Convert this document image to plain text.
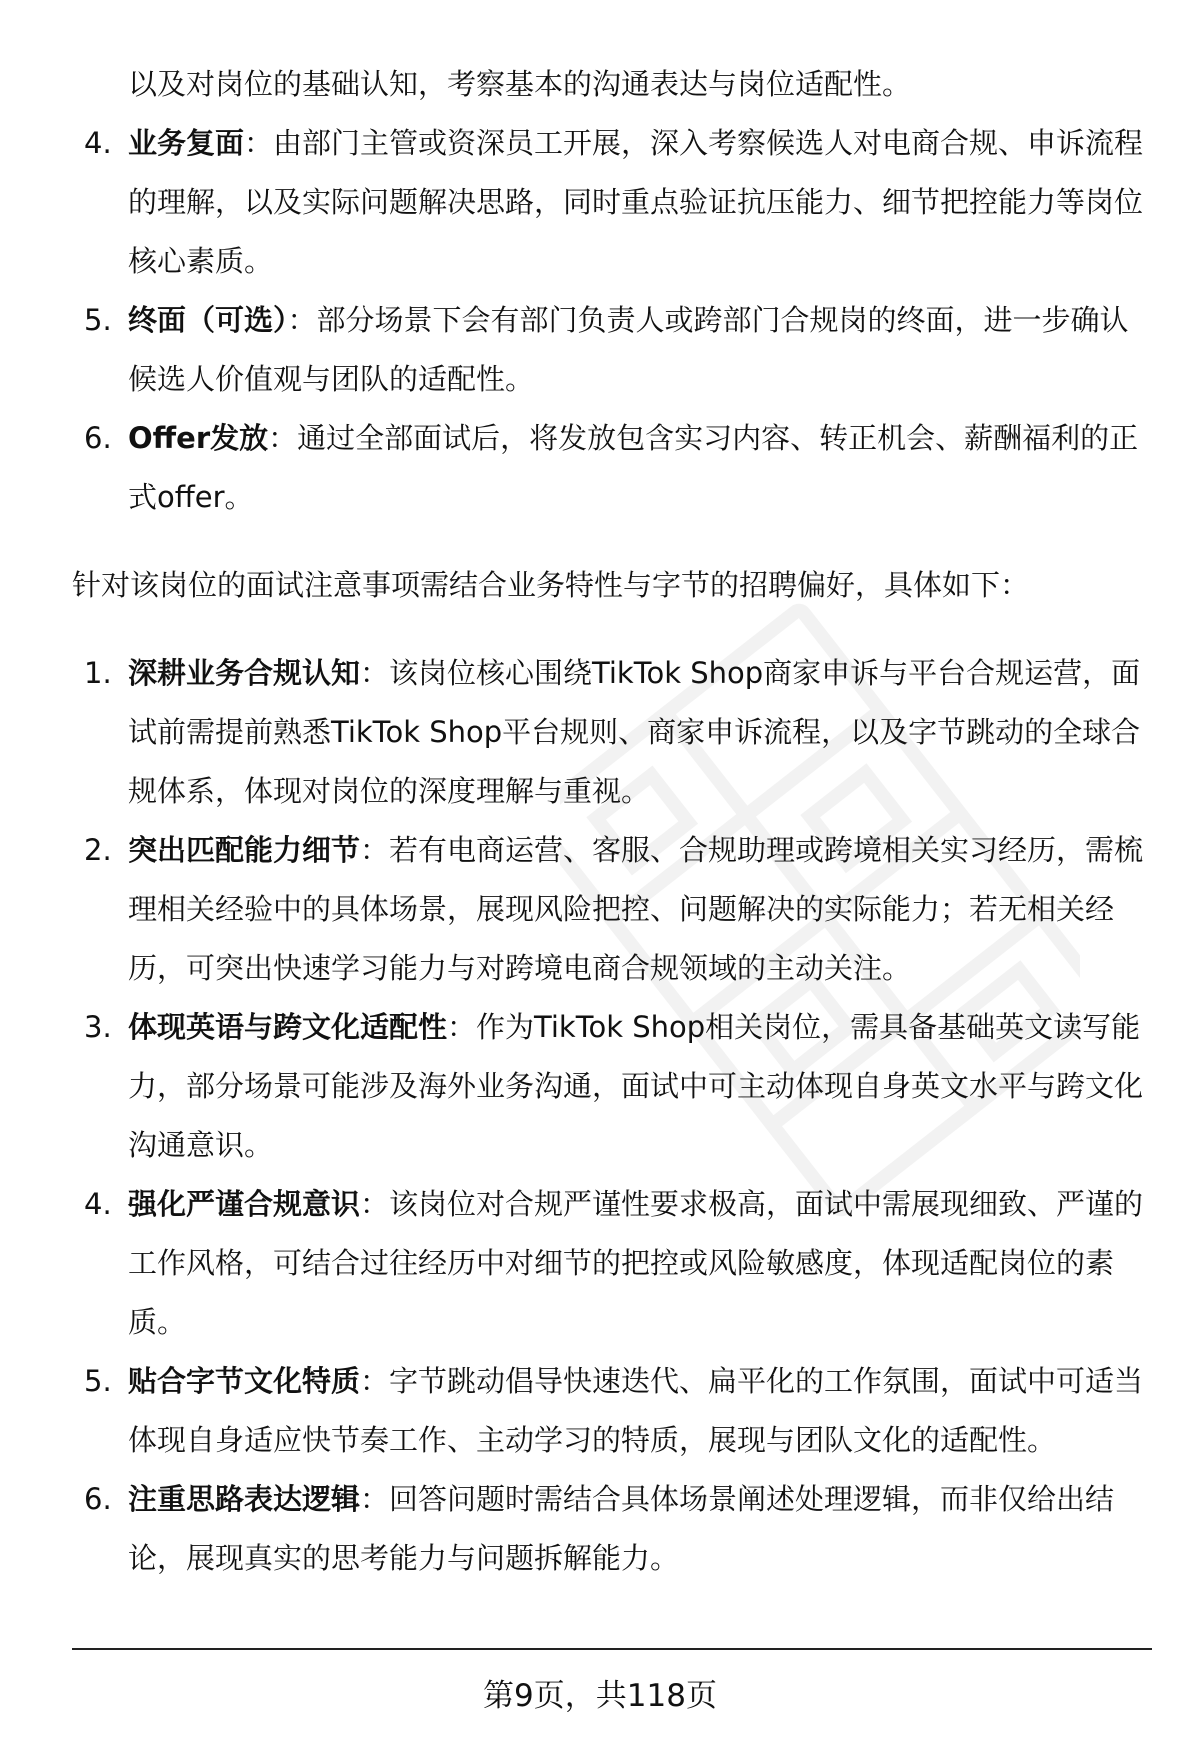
以及对岗位的基础认知，考察基本的沟通表达与岗位适配性。
4. 业务复面：由部门主管或资深员工开展，深入考察候选人对电商合规、申诉流程的理解，以及实际问题解决思路，同时重点验证抗压能力、细节把控能力等岗位核心素质。
5. 终面（可选）：部分场景下会有部门负责人或跨部门合规岗的终面，进一步确认候选人价值观与团队的适配性。
6. Offer发放：通过全部面试后，将发放包含实习内容、转正机会、薪酬福利的正式offer。
针对该岗位的面试注意事项需结合业务特性与字节的招聘偏好，具体如下：
1. 深耕业务合规认知：该岗位核心围绕TikTok Shop商家申诉与平台合规运营，面试前需提前熟悉TikTok Shop平台规则、商家申诉流程，以及字节跳动的全球合规体系，体现对岗位的深度理解与重视。
2. 突出匹配能力细节：若有电商运营、客服、合规助理或跨境相关实习经历，需梳理相关经验中的具体场景，展现风险把控、问题解决的实际能力；若无相关经历，可突出快速学习能力与对跨境电商合规领域的主动关注。
3. 体现英语与跨文化适配性：作为TikTok Shop相关岗位，需具备基础英文读写能力，部分场景可能涉及海外业务沟通，面试中可主动体现自身英文水平与跨文化沟通意识。
4. 强化严谨合规意识：该岗位对合规严谨性要求极高，面试中需展现细致、严谨的工作风格，可结合过往经历中对细节的把控或风险敏感度，体现适配岗位的素质。
5. 贴合字节文化特质：字节跳动倡导快速迭代、扁平化的工作氛围，面试中可适当体现自身适应快节奏工作、主动学习的特质，展现与团队文化的适配性。
6. 注重思路表达逻辑：回答问题时需结合具体场景阐述处理逻辑，而非仅给出结论，展现真实的思考能力与问题拆解能力。
第9页，共118页
